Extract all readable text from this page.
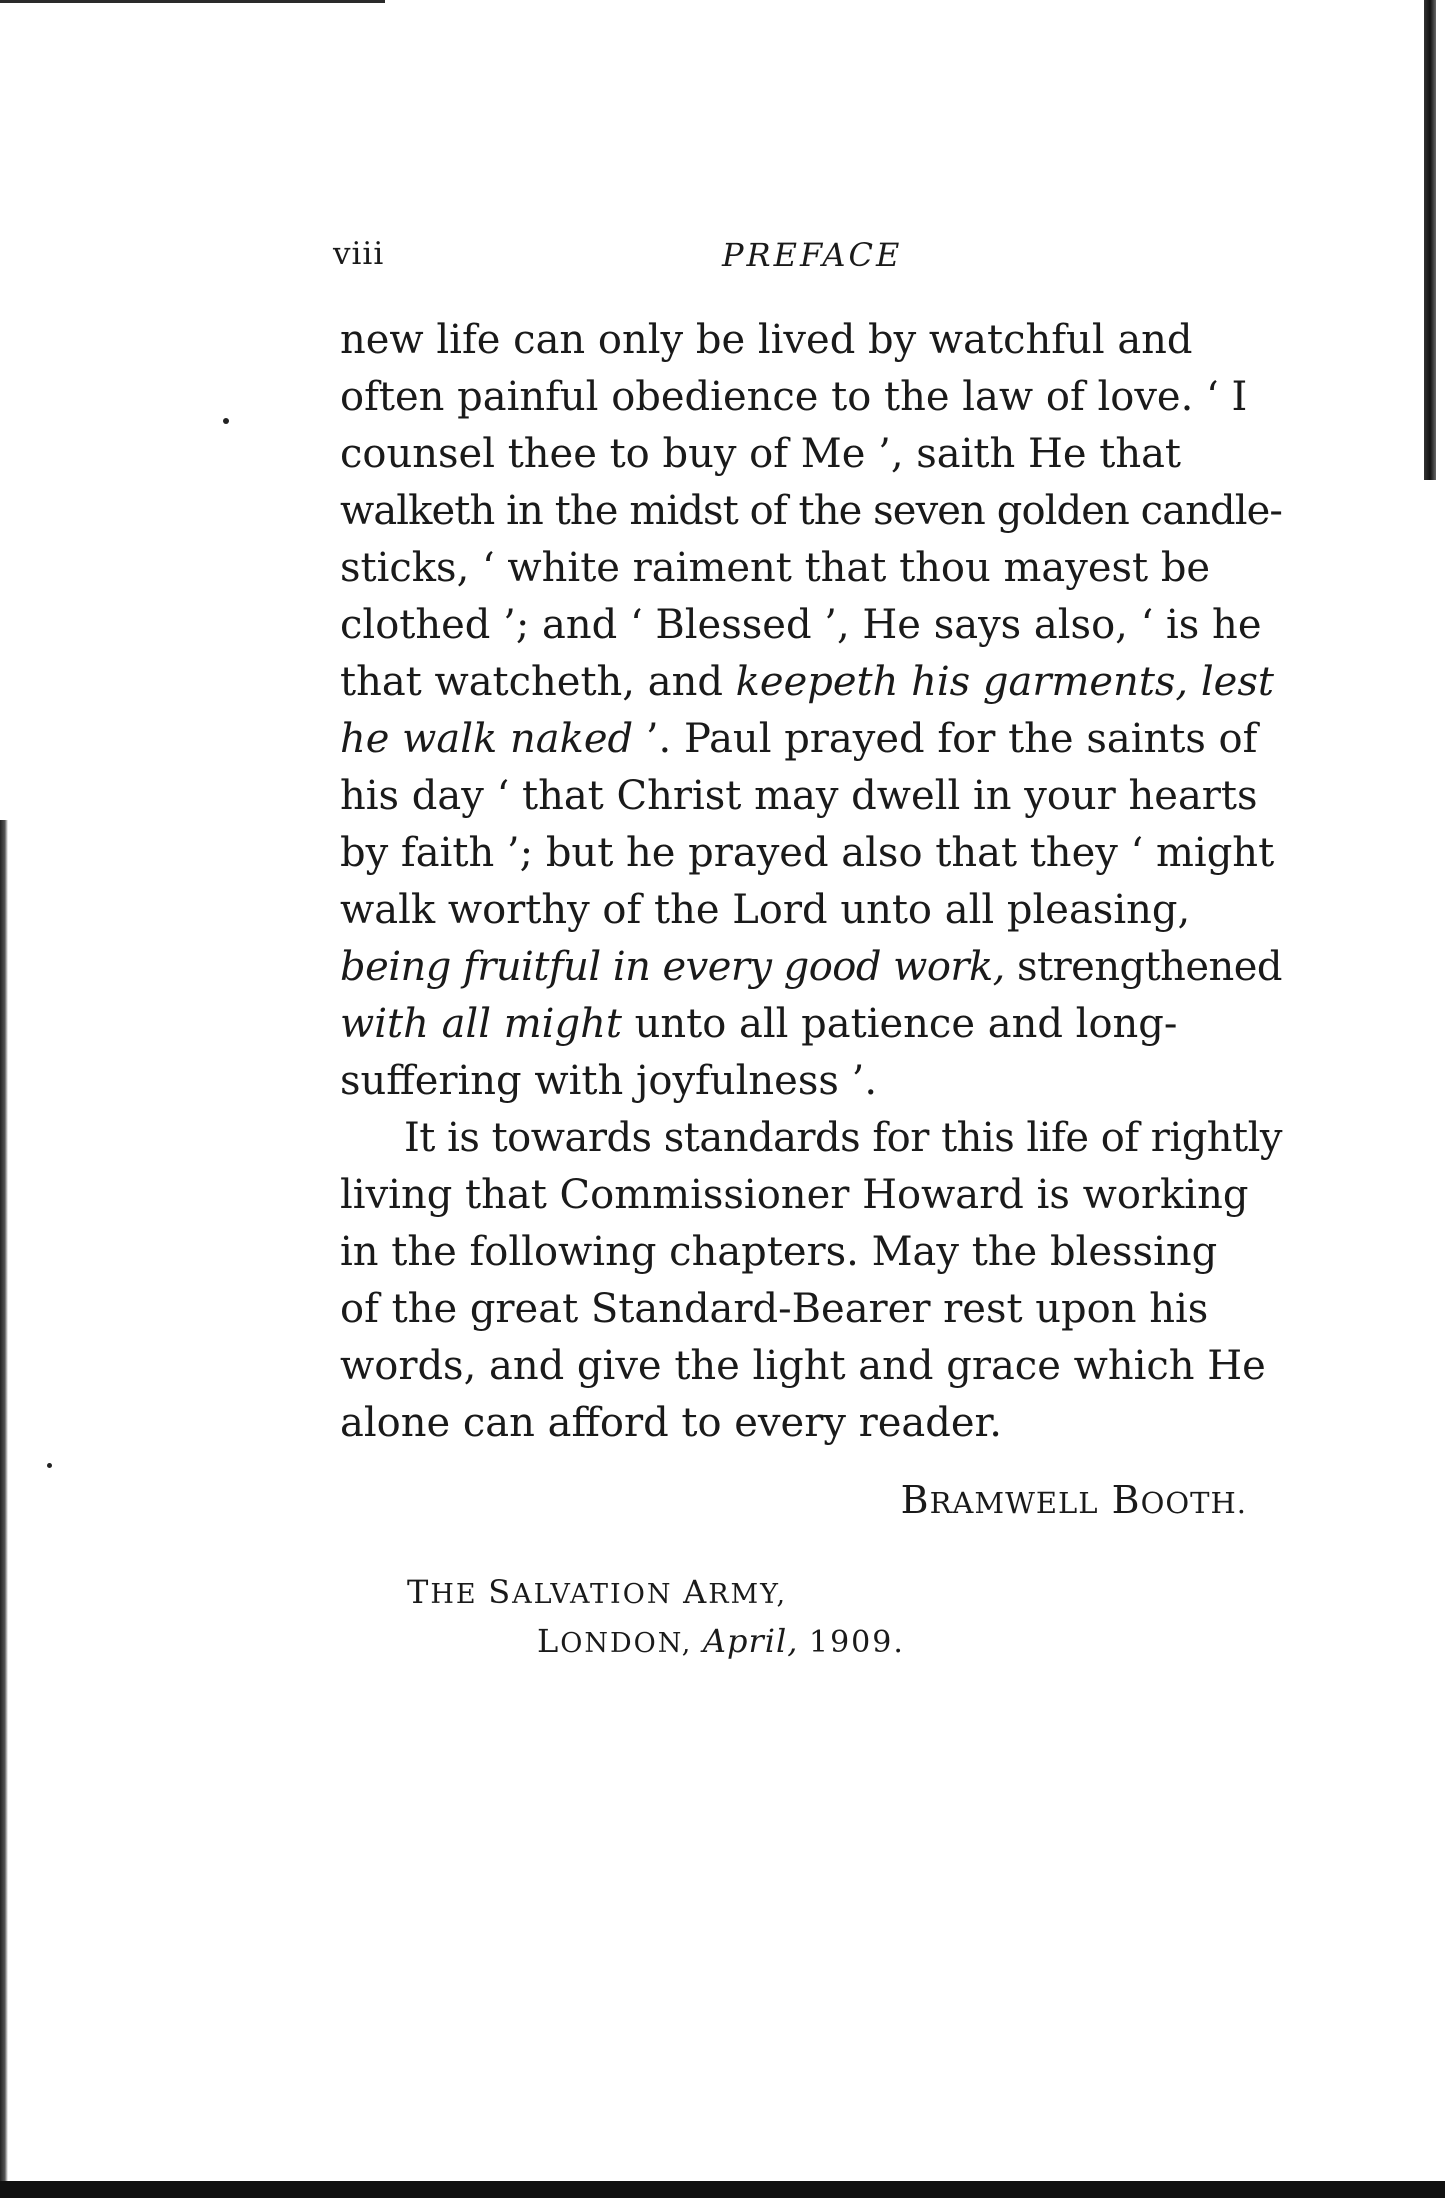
viii	PREFACE
new life can only be lived by watchful and
often painful obedience to the law of love. ‘ I
counsel thee to buy of Me ’, saith He that
walketh in the midst of the seven golden candle-
sticks, ‘ white raiment that thou mayest be
clothed ’; and ‘ Blessed ’, He says also, ‘ is he
that watcheth, and keepeth his garments, lest
he walk naked ’. Paul prayed for the saints of
his day ‘ that Christ may dwell in your hearts
by faith ’; but he prayed also that they ‘ might
walk worthy of the Lord unto all pleasing,
being fruitful in every good work, strengthened
with all might unto all patience and long-
suffering with joyfulness ’.
It is towards standards for this life of rightly
living that Commissioner Howard is working
in the following chapters. May the blessing
of the great Standard-Bearer rest upon his
words, and give the light and grace which He
alone can afford to every reader.
BRAMWELL BOOTH.
THE SALVATION ARMY,
LONDON, April, 1909.
